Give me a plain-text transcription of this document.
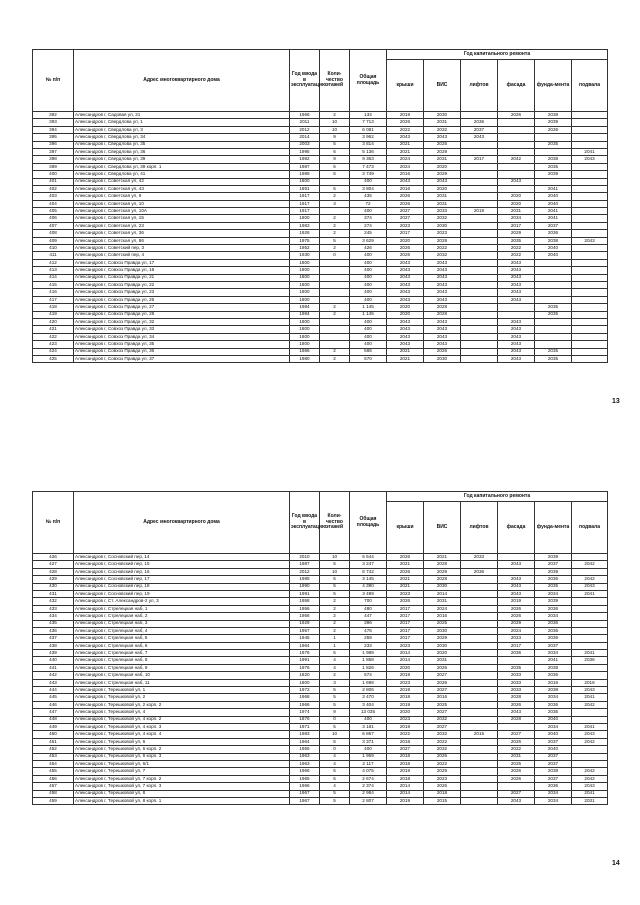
№ п/п	Адрес многоквартирного дома	Год ввода в эксплуатацию	Коли-чество этажей	Общая площадь	Год капитального ремонта					
					крыши	ВИС	лифтов	фасада	фунда-мента	подвала
392	Александров г, Садовая ул, 21	1966	2	134	2019	2030		2026	2038	
393	Александров г, Свердлова ул, 1	2011	10	7 713	2026	2031	2036		2039	
394	Александров г, Свердлова ул, 3	2012	10	6 081	2022	2032	2037		2036	
395	Александров г, Свердлова ул, 34	2014	9	3 962	2043	2043	2043			
396	Александров г, Свердлова ул, 35	2003	5	3 814	2021	2026			2035	
397	Александров г, Свердлова ул, 36	1995	6	5 136	2021	2029				2041
398	Александров г, Свердлова ул, 39	1982	9	9 363	2024	2031	2017	2042	2038	2043
399	Александров г, Свердлова ул, 39 корп. 1	1987	6	7 473	2024	2020			2035	
400	Александров г, Свердлова ул, 41	1989	5	3 749	2016	2029			2039	
401	Александров г, Советская ул, 42	1800		400	2043	2043		2043		
402	Александров г, Советская ул, 43	1891	5	3 804	2016	2020			2041	
403	Александров г, Советская ул, 9	1917	2	435	2026	2031		2020	2040	
404	Александров г, Советская ул, 10	1917	3	72	2026	2031		2020	2040	
405	Александров г, Советская ул, 10А	1917		400	2027	2033	2019	2031	2041	
406	Александров г, Советская ул, 15	1800	2	374	2027	2032		2034	2041	
407	Александров г, Советская ул, 23	1983	2	274	2023	2030		2017	2037	
408	Александров г, Советская ул, 36	1926	2	245	2017	2023		2029	2036	
409	Александров г, Советская ул, 86	1975	5	3 629	2020	2028		2035	2038	2043
410	Александров г, Советский пер, 3	1952	2	426	2026	2022		2022	2040	
411	Александров г, Советский пер, 4	1930	0	400	2026	2032		2022	2040	
412	Александров г, Совхоз Правда ул, 17	1800		400	2043	2043		2043		
413	Александров г, Совхоз Правда ул, 18	1800		400	2043	2043		2043		
414	Александров г, Совхоз Правда ул, 21	1800		400	2043	2043		2043		
415	Александров г, Совхоз Правда ул, 22	1800		400	2043	2043		2043		
416	Александров г, Совхоз Правда ул, 23	1800		400	2043	2043		2043		
417	Александров г, Совхоз Правда ул, 26	1800		400	2043	2043		2043		
418	Александров г, Совхоз Правда ул, 27	1984	2	1 145	2020	2028			2035	
419	Александров г, Совхоз Правда ул, 28	1984	2	1 145	2020	2028			2035	
420	Александров г, Совхоз Правда ул, 32	1800		400	2043	2043		2043		
421	Александров г, Совхоз Правда ул, 33	1800		400	2043	2043		2043		
422	Александров г, Совхоз Правда ул, 34	1800		400	2043	2043		2043		
423	Александров г, Совхоз Правда ул, 35	1800		400	2043	2043		2043		
424	Александров г, Совхоз Правда ул, 36	1966	2	565	2021	2026		2043	2035	
425	Александров г, Совхоз Правда ул, 37	1980	2	570	2021	2030		2043	2035	
13
№ п/п	Адрес многоквартирного дома	Год ввода в эксплуатацию	Коли-чество этажей	Общая площадь	Год капитального ремонта					
					крыши	ВИС	лифтов	фасада	фунда-мента	подвала
426	Александров г, Сосновский пер, 14	2010	10	6 544	2026	2021	2033		2039	
427	Александров г, Сосновский пер, 15	1987	5	3 247	2021	2028		2043	2037	2042
428	Александров г, Сосновский пер, 16	2012	10	6 742	2026	2029	2036		2039	
429	Александров г, Сосновский пер, 17	1985	5	3 145	2021	2028		2043	2036	2042
430	Александров г, Сосновский пер, 18	1990	5	4 390	2021	2030		2043	2035	2043
431	Александров г, Сосновский пер, 19	1991	5	3 499	2023	2014		2043	2034	2041
432	Александров г, Ст. Александров-2 ул, 3	1958	2	700	2026	2031		2019	2039	
433	Александров г, Стрелецкая наб, 1	1956	2	480	2017	2024		2026	2036	
434	Александров г, Стрелецкая наб, 2	1956	2	447	2017	2016		2026	2034	
435	Александров г, Стрелецкая наб, 3	1929	2	396	2017	2025		2029	2036	
436	Александров г, Стрелецкая наб, 4	1957	2	476	2017	2030		2024	2036	
437	Александров г, Стрелецкая наб, 5	1945	1	259	2017	2029		2023	2036	
438	Александров г, Стрелецкая наб, 6	1964	1	233	2023	2030		2017	2037	
439	Александров г, Стрелецкая наб, 7	1976	5	1 989	2014	2020		2036	2034	2041
440	Александров г, Стрелецкая наб, 8	1991	4	1 858	2014	2031			2041	2036
441	Александров г, Стрелецкая наб, 9	1976	4	1 826	2020	2026		2035	2038	
442	Александров г, Стрелецкая наб, 10	1820	2	574	2019	2027		2033	2036	
443	Александров г, Стрелецкая наб, 11	1800	3	1 698	2023	2026		2033	2016	2016
444	Александров г, Терешковой ул, 1	1972	5	2 806	2019	2027		2033	2038	2043
445	Александров г, Терешковой ул, 2	1968	5	3 470	2018	2016		2028	2034	2041
446	Александров г, Терешковой ул, 2 корп. 2	1966	5	3 404	2019	2025		2026	2036	2042
447	Александров г, Терешковой ул, 4	1974	9	13 035	2020	2027		2043	2035	
448	Александров г, Терешковой ул, 4 корп. 2	1876	0	400	2023	2032		2028	2040	
449	Александров г, Терешковой ул, 4 корп. 3	1971	5	3 181	2019	2027			2034	2041
450	Александров г, Терешковой ул, 4 корп. 4	1983	10	6 867	2022	2032	2015	2027	2040	2043
451	Александров г, Терешковой ул, 6	1964	5	3 371	2018	2022		2026	2037	2042
452	Александров г, Терешковой ул, 6 корп. 2	1955	0	400	2027	2032		2022	2040	
453	Александров г, Терешковой ул, 6 корп. 3	1963	4	1 959	2018	2026		2031	2037	
454	Александров г, Терешковой ул, 6/1	1963	4	2 117	2018	2022		2025	2037	
455	Александров г, Терешковой ул, 7	1966	5	4 075	2019	2025		2026	2038	2042
456	Александров г, Терешковой ул, 7 корп. 2	1965	5	2 674	2018	2023		2026	2037	2042
457	Александров г, Терешковой ул, 7 корп. 3	1966	4	2 374	2014	2026			2036	2043
458	Александров г, Терешковой ул, 8	1967	5	2 984	2014	2018		2027	2034	2041
459	Александров г, Терешковой ул, 8 корп. 1	1967	5	2 807	2019	2015		2043	2034	2031
14
